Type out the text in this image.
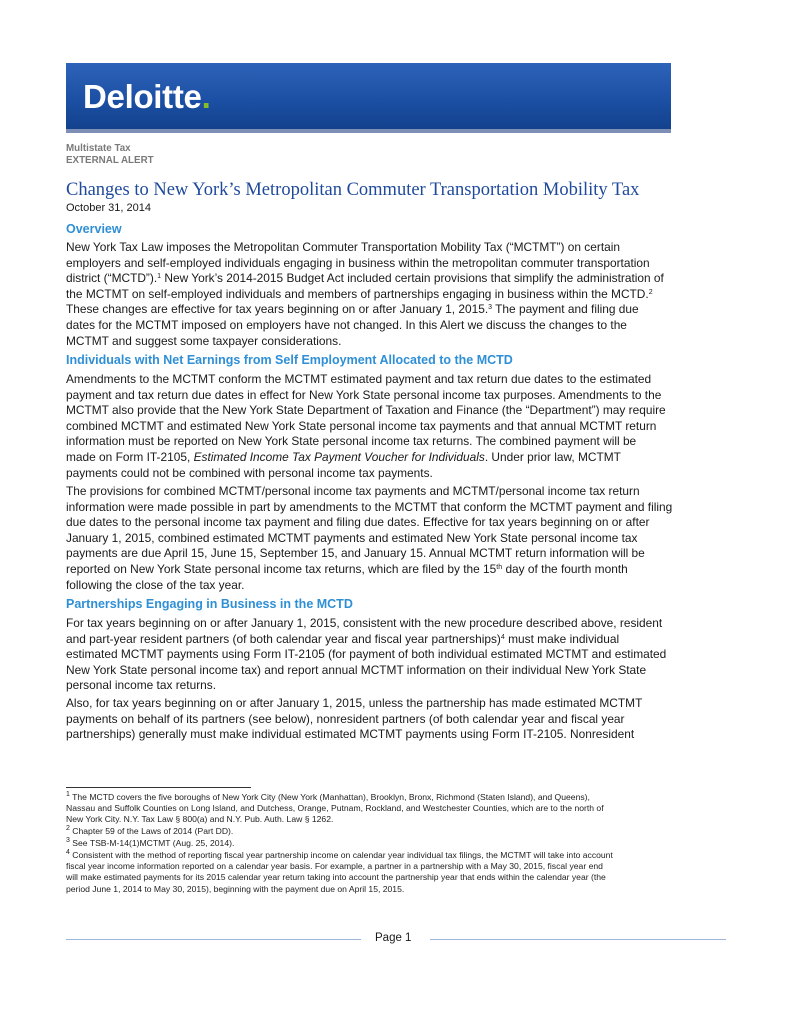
Deloitte.
Multistate Tax
EXTERNAL ALERT
Changes to New York’s Metropolitan Commuter Transportation Mobility Tax
October 31, 2014
Overview
New York Tax Law imposes the Metropolitan Commuter Transportation Mobility Tax (“MCTMT”) on certain
employers and self-employed individuals engaging in business within the metropolitan commuter transportation
district (“MCTD”).$^1$ New York’s 2014-2015 Budget Act included certain provisions that simplify the administration of
the MCTMT on self-employed individuals and members of partnerships engaging in business within the MCTD.$^2$
These changes are effective for tax years beginning on or after January 1, 2015.$^3$ The payment and filing due
dates for the MCTMT imposed on employers have not changed. In this Alert we discuss the changes to the
MCTMT and suggest some taxpayer considerations.
Individuals with Net Earnings from Self Employment Allocated to the MCTD
Amendments to the MCTMT conform the MCTMT estimated payment and tax return due dates to the estimated
payment and tax return due dates in effect for New York State personal income tax purposes. Amendments to the
MCTMT also provide that the New York State Department of Taxation and Finance (the “Department”) may require
combined MCTMT and estimated New York State personal income tax payments and that annual MCTMT return
information must be reported on New York State personal income tax returns. The combined payment will be
made on Form IT-2105, Estimated Income Tax Payment Voucher for Individuals. Under prior law, MCTMT
payments could not be combined with personal income tax payments.
The provisions for combined MCTMT/personal income tax payments and MCTMT/personal income tax return
information were made possible in part by amendments to the MCTMT that conform the MCTMT payment and filing
due dates to the personal income tax payment and filing due dates. Effective for tax years beginning on or after
January 1, 2015, combined estimated MCTMT payments and estimated New York State personal income tax
payments are due April 15, June 15, September 15, and January 15. Annual MCTMT return information will be
reported on New York State personal income tax returns, which are filed by the 15th day of the fourth month
following the close of the tax year.
Partnerships Engaging in Business in the MCTD
For tax years beginning on or after January 1, 2015, consistent with the new procedure described above, resident
and part-year resident partners (of both calendar year and fiscal year partnerships)$^4$ must make individual
estimated MCTMT payments using Form IT-2105 (for payment of both individual estimated MCTMT and estimated
New York State personal income tax) and report annual MCTMT information on their individual New York State
personal income tax returns.
Also, for tax years beginning on or after January 1, 2015, unless the partnership has made estimated MCTMT
payments on behalf of its partners (see below), nonresident partners (of both calendar year and fiscal year
partnerships) generally must make individual estimated MCTMT payments using Form IT-2105. Nonresident
$^1$ The MCTD covers the five boroughs of New York City (New York (Manhattan), Brooklyn, Bronx, Richmond (Staten Island), and Queens),
Nassau and Suffolk Counties on Long Island, and Dutchess, Orange, Putnam, Rockland, and Westchester Counties, which are to the north of
New York City. N.Y. Tax Law § 800(a) and N.Y. Pub. Auth. Law § 1262.
$^2$ Chapter 59 of the Laws of 2014 (Part DD).
$^3$ See TSB-M-14(1)MCTMT (Aug. 25, 2014).
$^4$ Consistent with the method of reporting fiscal year partnership income on calendar year individual tax filings, the MCTMT will take into account
fiscal year income information reported on a calendar year basis. For example, a partner in a partnership with a May 30, 2015, fiscal year end
will make estimated payments for its 2015 calendar year return taking into account the partnership year that ends within the calendar year (the
period June 1, 2014 to May 30, 2015), beginning with the payment due on April 15, 2015.
Page 1
